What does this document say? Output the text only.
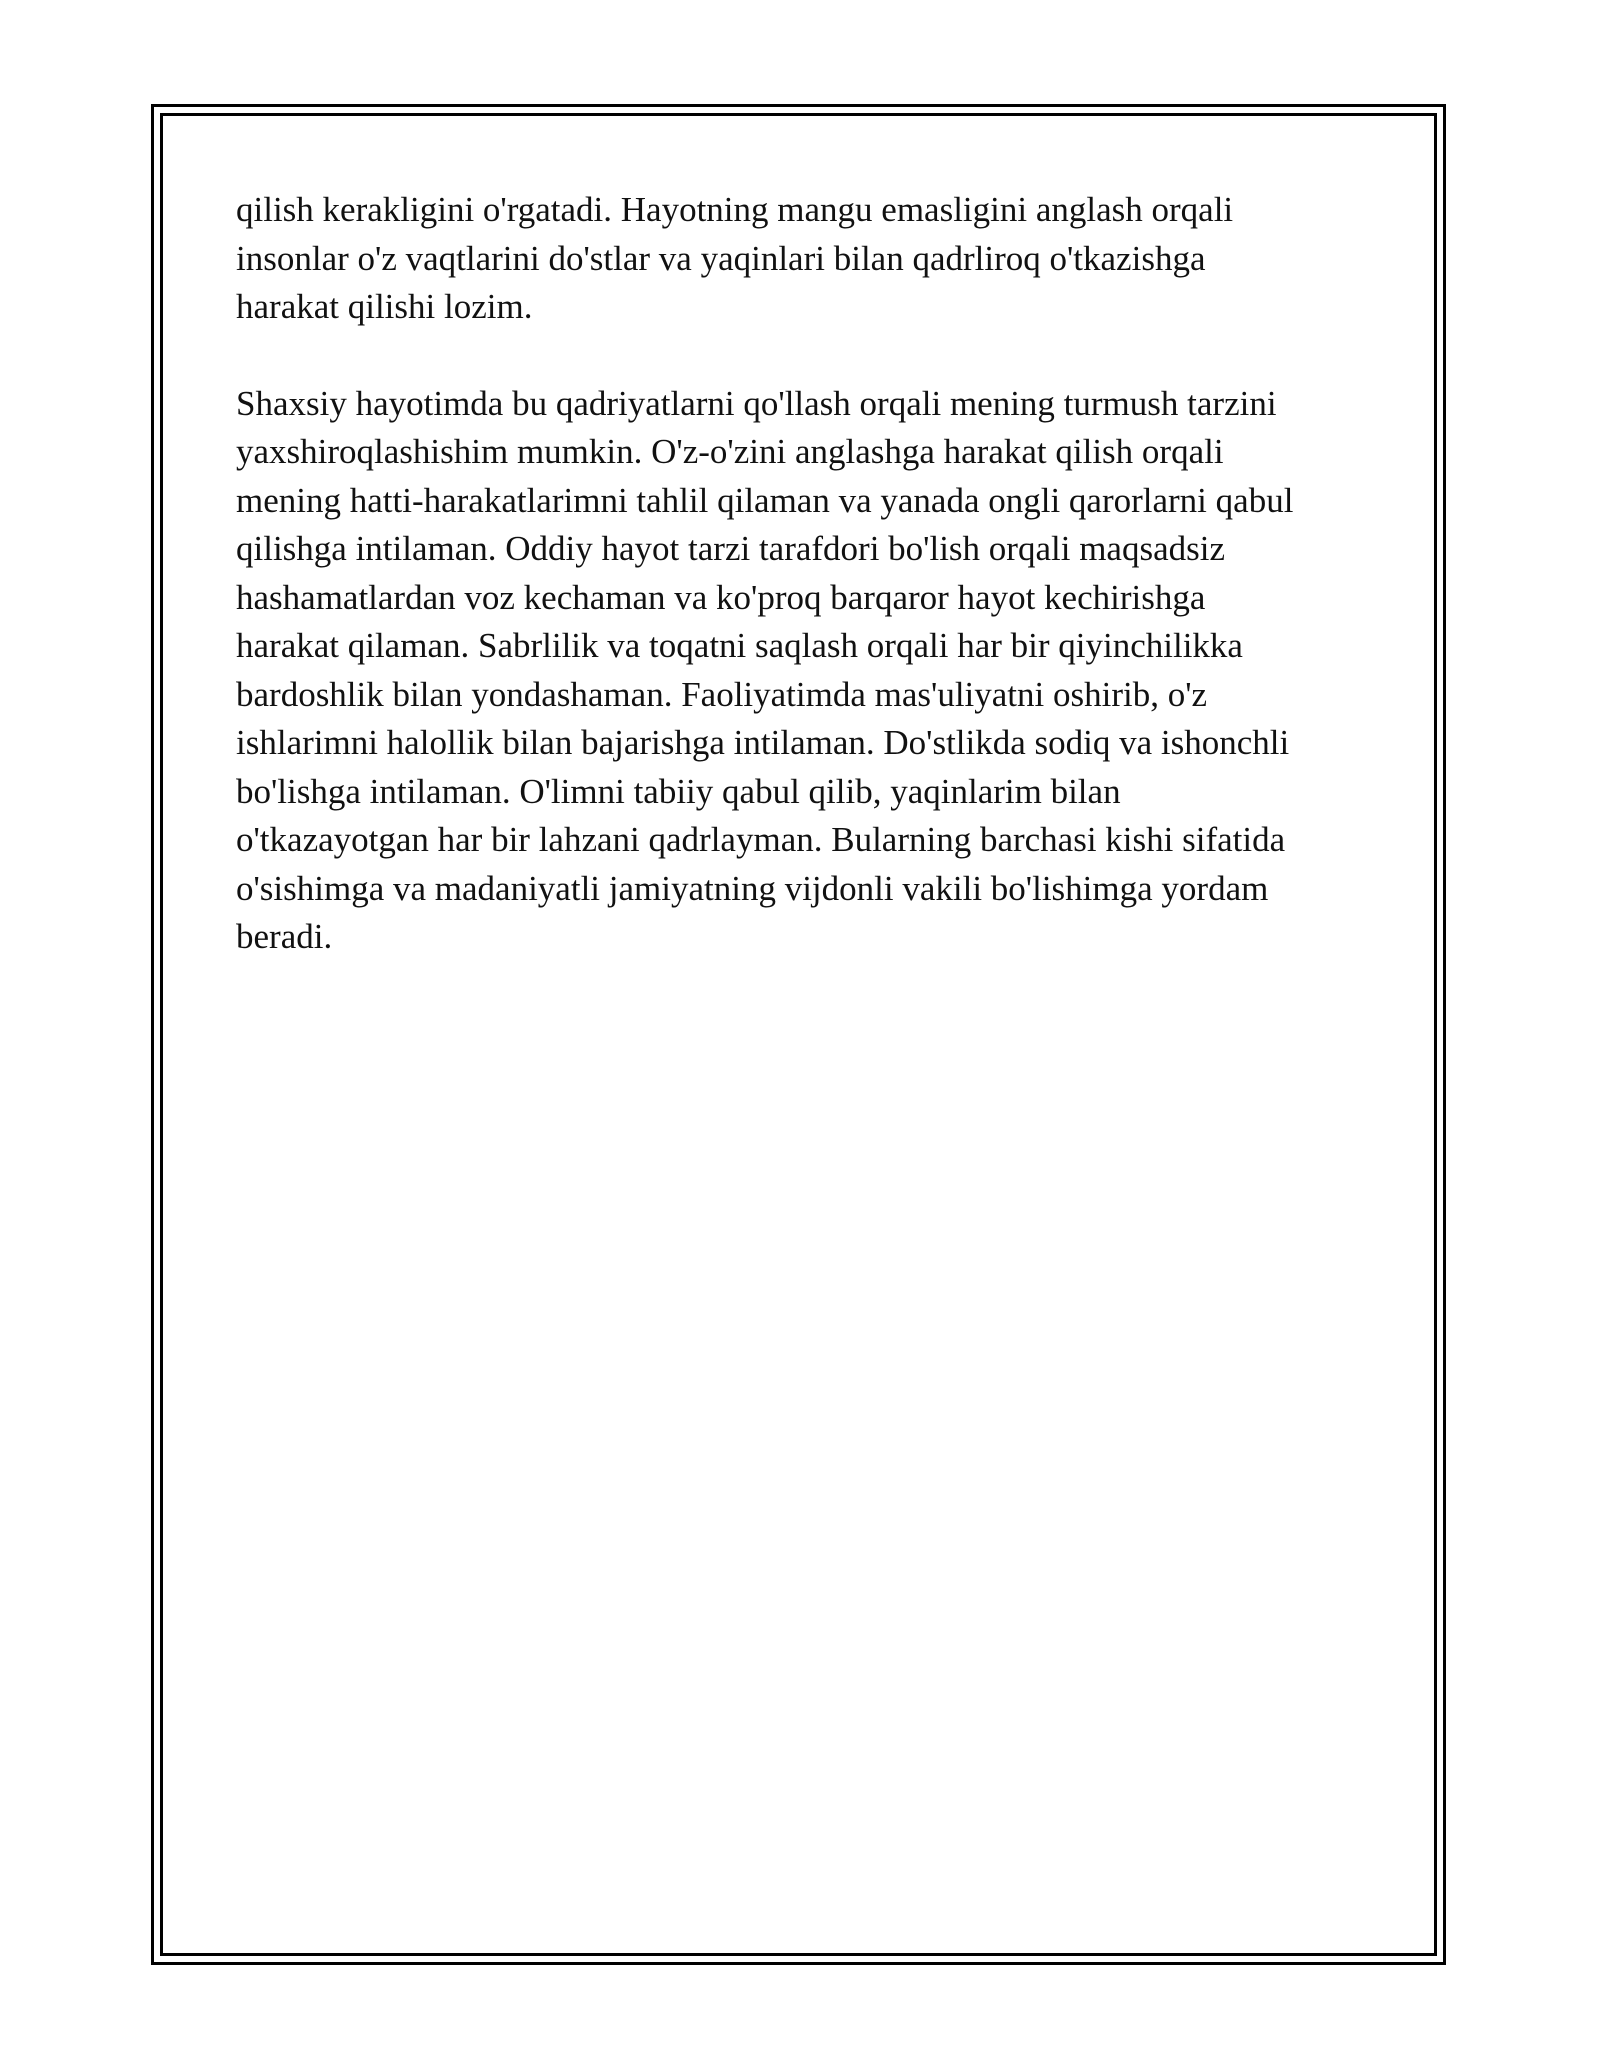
qilish kerakligini o'rgatadi. Hayotning mangu emasligini anglash orqali
insonlar o'z vaqtlarini do'stlar va yaqinlari bilan qadrliroq o'tkazishga
harakat qilishi lozim.

Shaxsiy hayotimda bu qadriyatlarni qo'llash orqali mening turmush tarzini
yaxshiroqlashishim mumkin. O'z-o'zini anglashga harakat qilish orqali
mening hatti-harakatlarimni tahlil qilaman va yanada ongli qarorlarni qabul
qilishga intilaman. Oddiy hayot tarzi tarafdori bo'lish orqali maqsadsiz
hashamatlardan voz kechaman va ko'proq barqaror hayot kechirishga
harakat qilaman. Sabrlilik va toqatni saqlash orqali har bir qiyinchilikka
bardoshlik bilan yondashaman. Faoliyatimda mas'uliyatni oshirib, o'z
ishlarimni halollik bilan bajarishga intilaman. Do'stlikda sodiq va ishonchli
bo'lishga intilaman. O'limni tabiiy qabul qilib, yaqinlarim bilan
o'tkazayotgan har bir lahzani qadrlayman. Bularning barchasi kishi sifatida
o'sishimga va madaniyatli jamiyatning vijdonli vakili bo'lishimga yordam
beradi.
